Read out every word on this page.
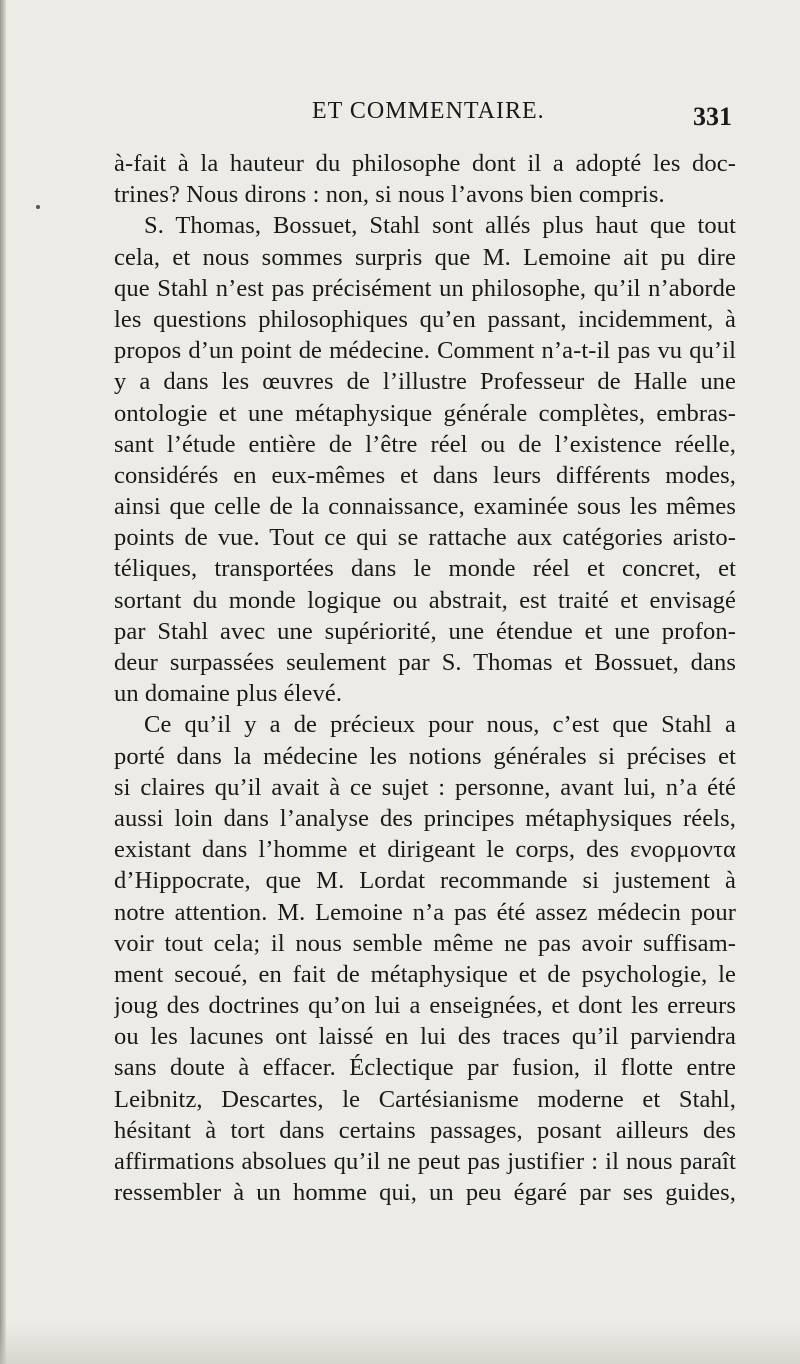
ET COMMENTAIRE.	331
à-fait à la hauteur du philosophe dont il a adopté les doc-
trines? Nous dirons : non, si nous l’avons bien compris.
S. Thomas, Bossuet, Stahl sont allés plus haut que tout
cela, et nous sommes surpris que M. Lemoine ait pu dire
que Stahl n’est pas précisément un philosophe, qu’il n’aborde
les questions philosophiques qu’en passant, incidemment, à
propos d’un point de médecine. Comment n’a-t-il pas vu qu’il
y a dans les œuvres de l’illustre Professeur de Halle une
ontologie et une métaphysique générale complètes, embras-
sant l’étude entière de l’être réel ou de l’existence réelle,
considérés en eux-mêmes et dans leurs différents modes,
ainsi que celle de la connaissance, examinée sous les mêmes
points de vue. Tout ce qui se rattache aux catégories aristo-
téliques, transportées dans le monde réel et concret, et
sortant du monde logique ou abstrait, est traité et envisagé
par Stahl avec une supériorité, une étendue et une profon-
deur surpassées seulement par S. Thomas et Bossuet, dans
un domaine plus élevé.
Ce qu’il y a de précieux pour nous, c’est que Stahl a
porté dans la médecine les notions générales si précises et
si claires qu’il avait à ce sujet : personne, avant lui, n’a été
aussi loin dans l’analyse des principes métaphysiques réels,
existant dans l’homme et dirigeant le corps, des ενορμοντα
d’Hippocrate, que M. Lordat recommande si justement à
notre attention. M. Lemoine n’a pas été assez médecin pour
voir tout cela; il nous semble même ne pas avoir suffisam-
ment secoué, en fait de métaphysique et de psychologie, le
joug des doctrines qu’on lui a enseignées, et dont les erreurs
ou les lacunes ont laissé en lui des traces qu’il parviendra
sans doute à effacer. Éclectique par fusion, il flotte entre
Leibnitz, Descartes, le Cartésianisme moderne et Stahl,
hésitant à tort dans certains passages, posant ailleurs des
affirmations absolues qu’il ne peut pas justifier : il nous paraît
ressembler à un homme qui, un peu égaré par ses guides,
